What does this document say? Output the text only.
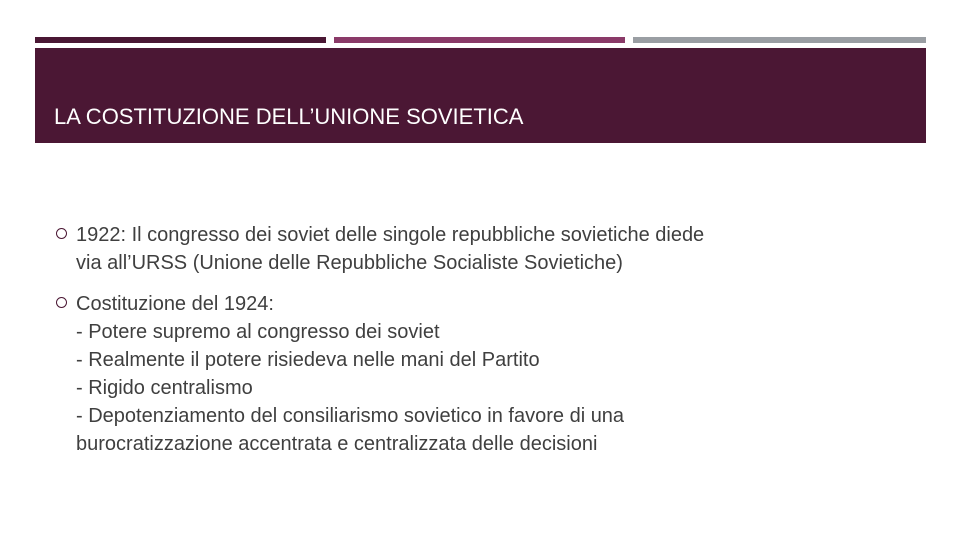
LA COSTITUZIONE DELL’UNIONE SOVIETICA
1922: Il congresso dei soviet delle singole repubbliche sovietiche diede
via all’URSS (Unione delle Repubbliche Socialiste Sovietiche)
Costituzione del 1924:
- Potere supremo al congresso dei soviet
- Realmente il potere risiedeva nelle mani del Partito
- Rigido centralismo
- Depotenziamento del consiliarismo sovietico in favore di una
burocratizzazione accentrata e centralizzata delle decisioni
